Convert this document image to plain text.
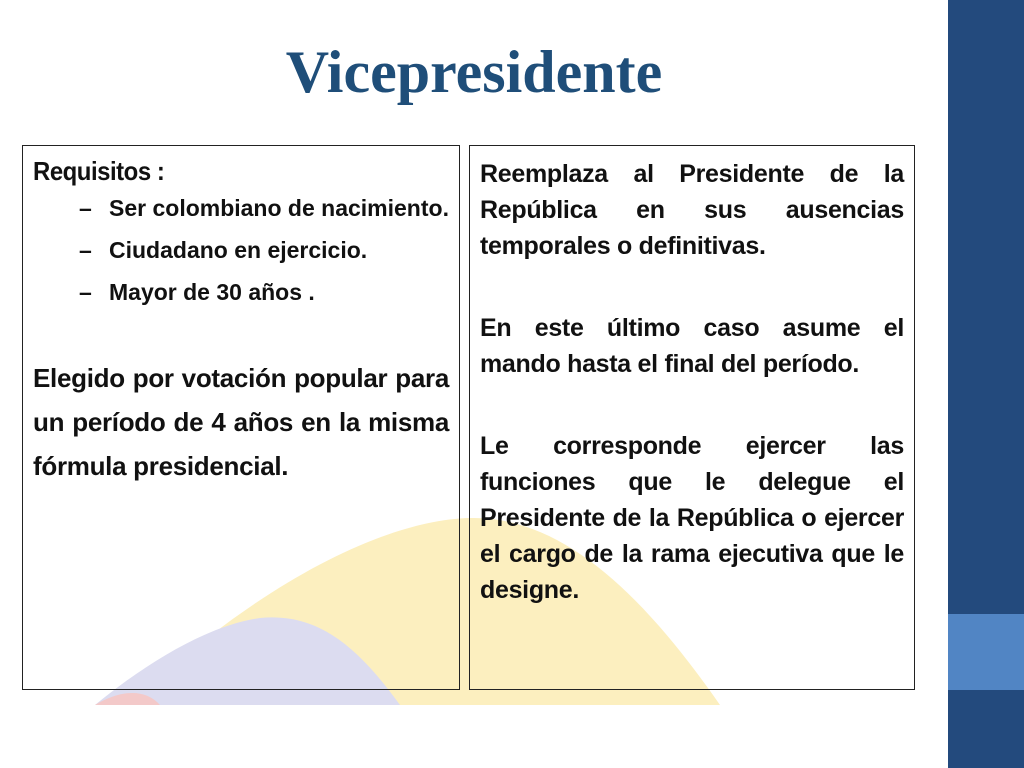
Vicepresidente
Requisitos :
– Ser colombiano de nacimiento.
– Ciudadano en ejercicio.
– Mayor de 30 años .

Elegido por votación popular para un período de 4 años en la misma fórmula presidencial.

Reemplaza al Presidente de la República en sus ausencias temporales o definitivas.

En este último caso asume el mando hasta el final del período.

Le corresponde ejercer las funciones que le delegue el Presidente de la República o ejercer el cargo de la rama ejecutiva que le designe.
